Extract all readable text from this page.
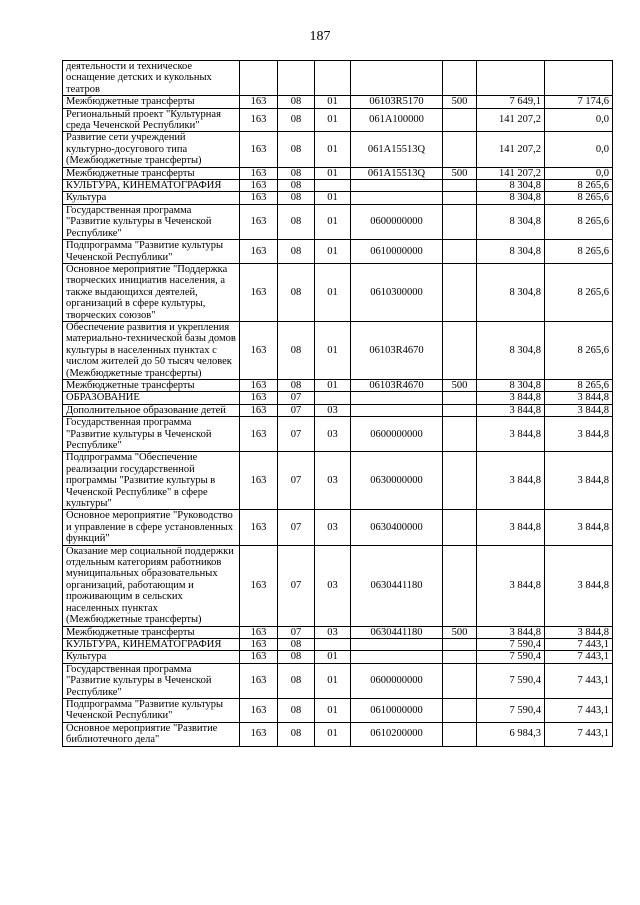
187
деятельности и техническое оснащение детских и кукольных театров							
Межбюджетные трансферты	163	08	01	06103R5170	500	7 649,1	7 174,6
Региональный проект "Культурная среда Чеченской Республики"	163	08	01	061A100000		141 207,2	0,0
Развитие сети учреждений культурно-досугового типа (Межбюджетные трансферты)	163	08	01	061A15513Q		141 207,2	0,0
Межбюджетные трансферты	163	08	01	061A15513Q	500	141 207,2	0,0
КУЛЬТУРА, КИНЕМАТОГРАФИЯ	163	08				8 304,8	8 265,6
Культура	163	08	01			8 304,8	8 265,6
Государственная программа "Развитие культуры в Чеченской Республике"	163	08	01	0600000000		8 304,8	8 265,6
Подпрограмма "Развитие культуры Чеченской Республики"	163	08	01	0610000000		8 304,8	8 265,6
Основное мероприятие "Поддержка творческих инициатив населения, а также выдающихся деятелей, организаций в сфере культуры, творческих союзов"	163	08	01	0610300000		8 304,8	8 265,6
Обеспечение развития и укрепления материально-технической базы домов культуры в населенных пунктах с числом жителей до 50 тысяч человек (Межбюджетные трансферты)	163	08	01	06103R4670		8 304,8	8 265,6
Межбюджетные трансферты	163	08	01	06103R4670	500	8 304,8	8 265,6
ОБРАЗОВАНИЕ	163	07				3 844,8	3 844,8
Дополнительное образование детей	163	07	03			3 844,8	3 844,8
Государственная программа "Развитие культуры в Чеченской Республике"	163	07	03	0600000000		3 844,8	3 844,8
Подпрограмма "Обеспечение реализации государственной программы "Развитие культуры в Чеченской Республике" в сфере культуры"	163	07	03	0630000000		3 844,8	3 844,8
Основное мероприятие "Руководство и управление в сфере установленных функций"	163	07	03	0630400000		3 844,8	3 844,8
Оказание мер социальной поддержки отдельным категориям работников муниципальных образовательных организаций, работающим и проживающим в сельских населенных пунктах (Межбюджетные трансферты)	163	07	03	0630441180		3 844,8	3 844,8
Межбюджетные трансферты	163	07	03	0630441180	500	3 844,8	3 844,8
КУЛЬТУРА, КИНЕМАТОГРАФИЯ	163	08				7 590,4	7 443,1
Культура	163	08	01			7 590,4	7 443,1
Государственная программа "Развитие культуры в Чеченской Республике"	163	08	01	0600000000		7 590,4	7 443,1
Подпрограмма "Развитие культуры Чеченской Республики"	163	08	01	0610000000		7 590,4	7 443,1
Основное мероприятие "Развитие библиотечного дела"	163	08	01	0610200000		6 984,3	7 443,1
